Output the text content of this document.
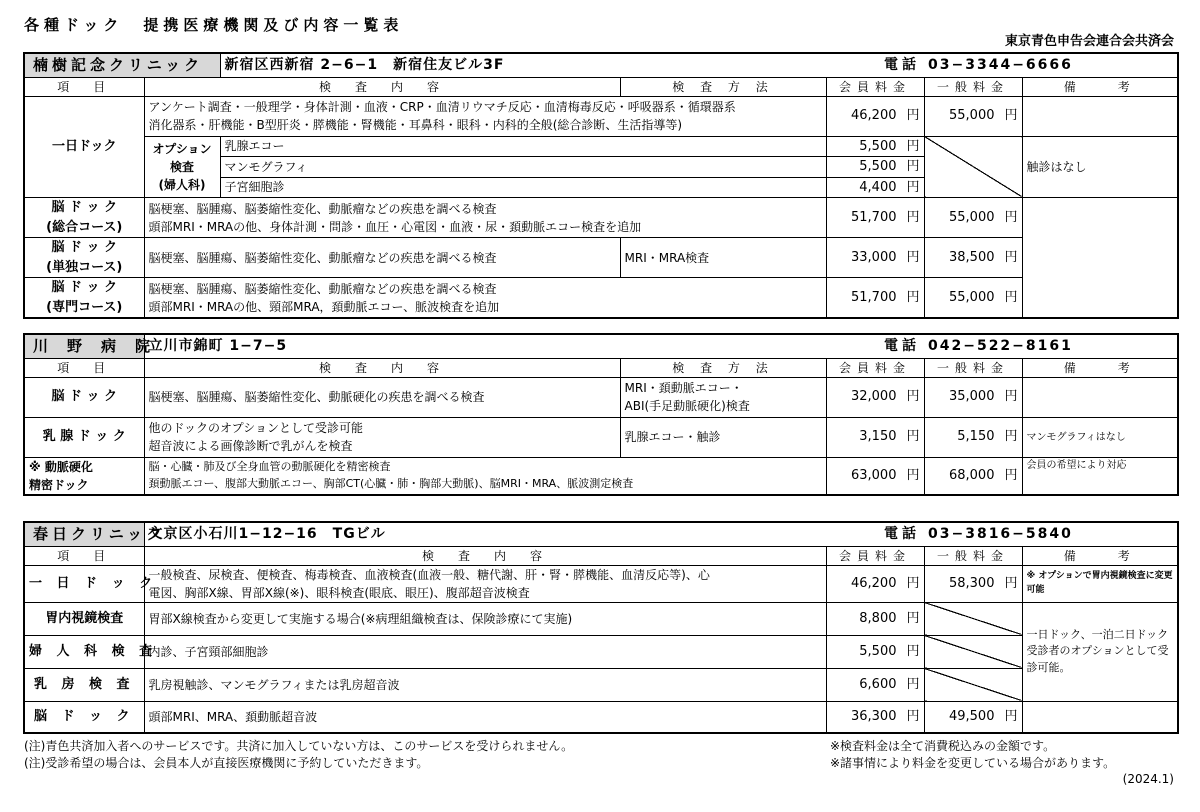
各種ドック　提携医療機関及び内容一覧表
東京青色申告会連合会共済会
楠樹記念クリニック		新宿区西新宿 2−6−1　新宿住友ビル3F		電話	03−3344−6666	
項　目	検　査　内　容		検 査 方 法	会員料金	一般料金	備　　考
一日ドック	アンケート調査・一般理学・身体計測・血液・CRP・血清リウマチ反応・血清梅毒反応・呼吸器系・循環器系
消化器系・肝機能・B型肝炎・膵機能・腎機能・耳鼻科・眼科・内科的全般(総合診断、生活指導等)			46,200 円	55,000 円	
	オプション
検査
(婦人科)	乳腺エコー		5,500 円		触診はなし
		マンモグラフィ		5,500 円		
		子宮細胞診		4,400 円		
脳 ド ッ ク
(総合コース)	脳梗塞、脳腫瘍、脳萎縮性変化、動脈瘤などの疾患を調べる検査
頭部MRI・MRAの他、身体計測・問診・血圧・心電図・血液・尿・頚動脈エコー検査を追加			51,700 円	55,000 円	
脳 ド ッ ク
(単独コース)	脳梗塞、脳腫瘍、脳萎縮性変化、動脈瘤などの疾患を調べる検査		MRI・MRA検査	33,000 円	38,500 円	
脳 ド ッ ク
(専門コース)	脳梗塞、脳腫瘍、脳萎縮性変化、動脈瘤などの疾患を調べる検査
頭部MRI・MRAの他、頸部MRA，頚動脈エコー、脈波検査を追加			51,700 円	55,000 円	
川　野　病　院	立川市錦町 1−7−5		電話	042−522−8161	
項　目	検　査　内　容	検 査 方 法	会員料金	一般料金	備　　考
脳 ド ッ ク	脳梗塞、脳腫瘍、脳萎縮性変化、動脈硬化の疾患を調べる検査	MRI・頚動脈エコー・
ABI(手足動脈硬化)検査	32,000 円	35,000 円	
乳 腺 ド ッ ク	他のドックのオプションとして受診可能
超音波による画像診断で乳がんを検査	乳腺エコー・触診	3,150 円	5,150 円	マンモグラフィはなし
※ 動脈硬化
精密ドック	脳・心臓・肺及び全身血管の動脈硬化を精密検査
頚動脈エコー、腹部大動脈エコー、胸部CT(心臓・肺・胸部大動脈)、脳MRI・MRA、脈波測定検査		63,000 円	68,000 円	会員の希望により対応
春日クリニック	文京区小石川1−12−16　TGビル	電話	03−3816−5840	
項　目	検　査　内　容	会員料金	一般料金	備　　考
一 日 ド ッ ク	一般検査、尿検査、便検査、梅毒検査、血液検査(血液一般、糖代謝、肝・腎・膵機能、血清反応等)、心
電図、胸部X線、胃部X線(※)、眼科検査(眼底、眼圧)、腹部超音波検査	46,200 円	58,300 円	※ オプションで胃内視鏡検査に変更可能
胃内視鏡検査	胃部X線検査から変更して実施する場合(※病理組織検査は、保険診療にて実施)	8,800 円		一日ドック、一泊二日ドック受診者のオプションとして受診可能。
婦 人 科 検 査	内診、子宮頸部細胞診	5,500 円		
乳 房 検 査	乳房視触診、マンモグラフィまたは乳房超音波	6,600 円		
脳 ド ッ ク	頭部MRI、MRA、頚動脈超音波	36,300 円	49,500 円	
(注)青色共済加入者へのサービスです。共済に加入していない方は、このサービスを受けられません。
(注)受診希望の場合は、会員本人が直接医療機関に予約していただきます。
※検査料金は全て消費税込みの金額です。
※諸事情により料金を変更している場合があります。
(2024.1)
